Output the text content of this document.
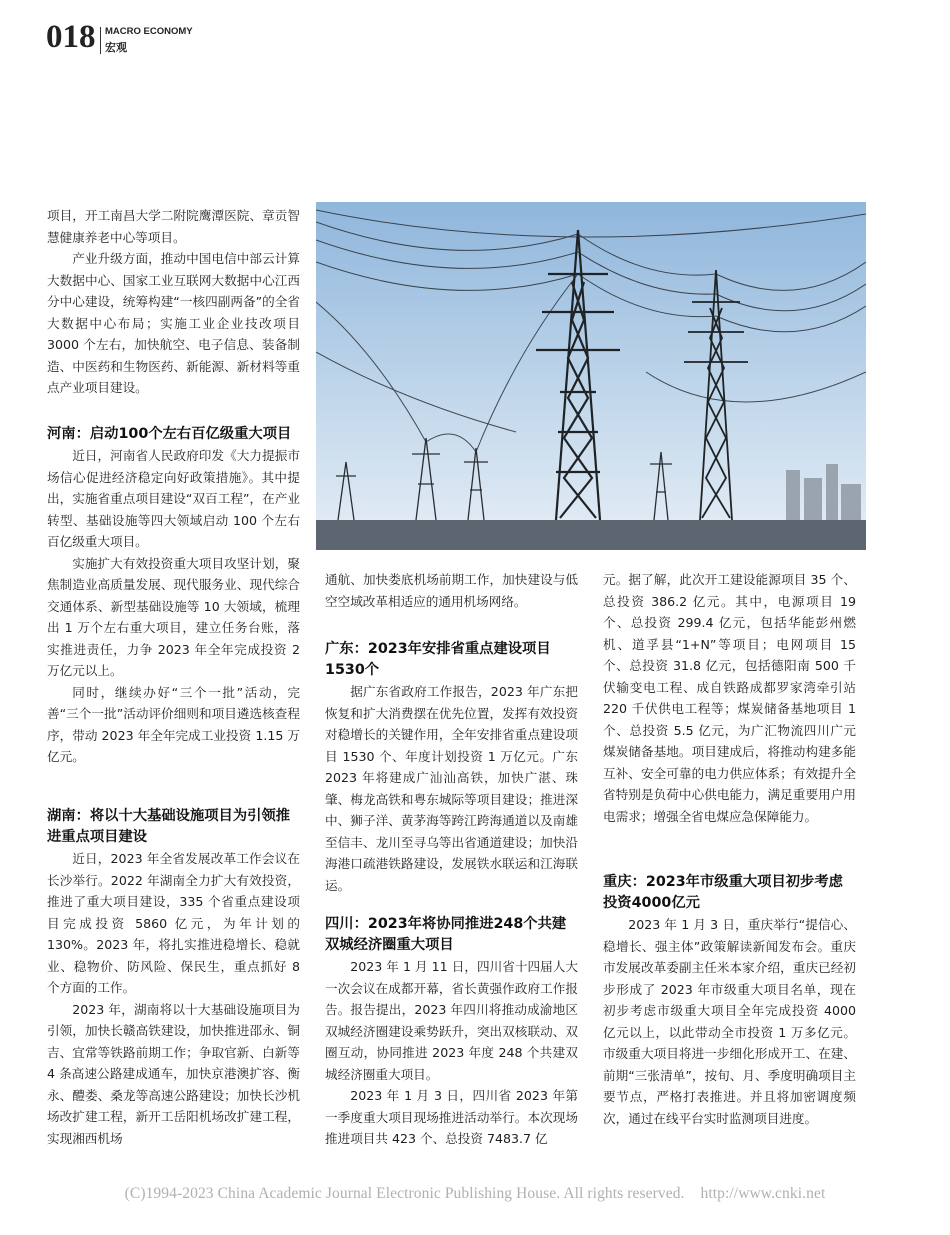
018 MACRO ECONOMY
宏观

项目，开工南昌大学二附院鹰潭医院、章贡智慧健康养老中心等项目。

产业升级方面，推动中国电信中部云计算大数据中心、国家工业互联网大数据中心江西分中心建设，统筹构建“一核四副两备”的全省大数据中心布局；实施工业企业技改项目 3000 个左右，加快航空、电子信息、装备制造、中医药和生物医药、新能源、新材料等重点产业项目建设。

河南：启动100个左右百亿级重大项目

近日，河南省人民政府印发《大力提振市场信心促进经济稳定向好政策措施》。其中提出，实施省重点项目建设“双百工程”，在产业转型、基础设施等四大领域启动 100 个左右百亿级重大项目。

实施扩大有效投资重大项目攻坚计划，聚焦制造业高质量发展、现代服务业、现代综合交通体系、新型基础设施等 10 大领域，梳理出 1 万个左右重大项目，建立任务台账，落实推进责任，力争 2023 年全年完成投资 2 万亿元以上。

同时，继续办好“三个一批”活动，完善“三个一批”活动评价细则和项目遴选核查程序，带动 2023 年全年完成工业投资 1.15 万亿元。

湖南：将以十大基础设施项目为引领推进重点项目建设

近日，2023 年全省发展改革工作会议在长沙举行。2022 年湖南全力扩大有效投资，推进了重大项目建设，335 个省重点建设项目完成投资 5860 亿元，为年计划的 130%。2023 年，将扎实推进稳增长、稳就业、稳物价、防风险、保民生，重点抓好 8 个方面的工作。

2023 年，湖南将以十大基础设施项目为引领，加快长赣高铁建设，加快推进邵永、铜吉、宜常等铁路前期工作；争取官新、白新等 4 条高速公路建成通车，加快京港澳扩容、衡永、醴娄、桑龙等高速公路建设；加快长沙机场改扩建工程，新开工岳阳机场改扩建工程，实现湘西机场

通航、加快娄底机场前期工作，加快建设与低空空域改革相适应的通用机场网络。

广东：2023年安排省重点建设项目1530个

据广东省政府工作报告，2023 年广东把恢复和扩大消费摆在优先位置，发挥有效投资对稳增长的关键作用，全年安排省重点建设项目 1530 个、年度计划投资 1 万亿元。广东 2023 年将建成广汕汕高铁，加快广湛、珠肇、梅龙高铁和粤东城际等项目建设；推进深中、狮子洋、黄茅海等跨江跨海通道以及南雄至信丰、龙川至寻乌等出省通道建设；加快沿海港口疏港铁路建设，发展铁水联运和江海联运。

四川：2023年将协同推进248个共建双城经济圈重大项目

2023 年 1 月 11 日，四川省十四届人大一次会议在成都开幕，省长黄强作政府工作报告。报告提出，2023 年四川将推动成渝地区双城经济圈建设乘势跃升，突出双核联动、双圈互动，协同推进 2023 年度 248 个共建双城经济圈重大项目。

2023 年 1 月 3 日，四川省 2023 年第一季度重大项目现场推进活动举行。本次现场推进项目共 423 个、总投资 7483.7 亿

元。据了解，此次开工建设能源项目 35 个、总投资 386.2 亿元。其中，电源项目 19 个、总投资 299.4 亿元，包括华能彭州燃机、道孚县“1+N”等项目；电网项目 15 个、总投资 31.8 亿元，包括德阳南 500 千伏输变电工程、成自铁路成都罗家湾牵引站 220 千伏供电工程等；煤炭储备基地项目 1 个、总投资 5.5 亿元，为广汇物流四川广元煤炭储备基地。项目建成后，将推动构建多能互补、安全可靠的电力供应体系；有效提升全省特别是负荷中心供电能力，满足重要用户用电需求；增强全省电煤应急保障能力。

重庆：2023年市级重大项目初步考虑投资4000亿元

2023 年 1 月 3 日，重庆举行“提信心、稳增长、强主体”政策解读新闻发布会。重庆市发展改革委副主任米本家介绍，重庆已经初步形成了 2023 年市级重大项目名单，现在初步考虑市级重大项目全年完成投资 4000 亿元以上，以此带动全市投资 1 万多亿元。市级重大项目将进一步细化形成开工、在建、前期“三张清单”，按旬、月、季度明确项目主要节点，严格打表推进。并且将加密调度频次，通过在线平台实时监测项目进度。

(C)1994-2023 China Academic Journal Electronic Publishing House. All rights reserved. http://www.cnki.net
